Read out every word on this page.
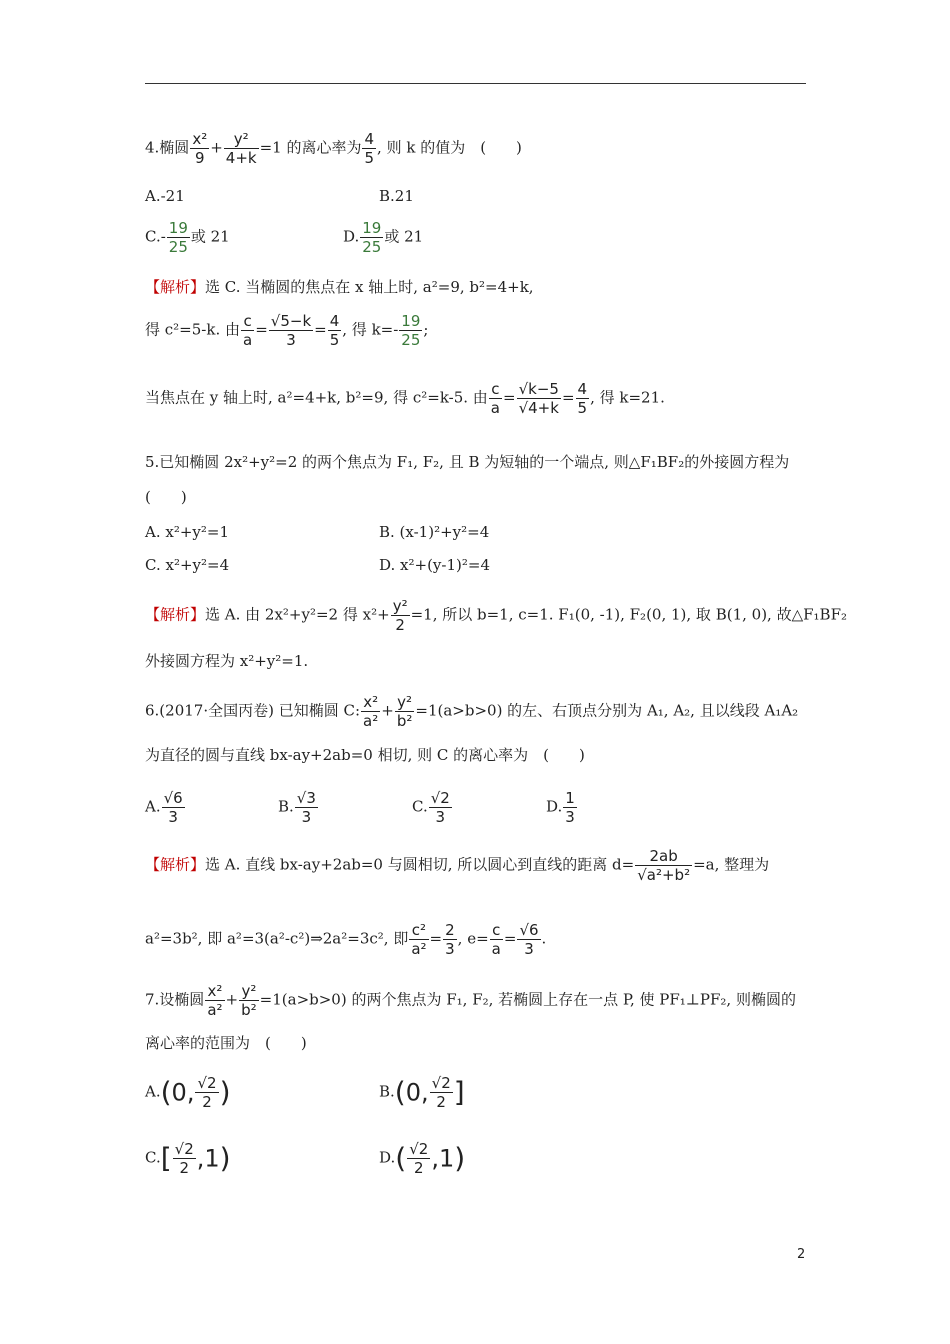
4.椭圆 $\frac{\text{x²}}{9} + \frac{\text{y²}}{4+k} =1$ 的离心率为 $\frac{4}{5}$ , 则 k 的值为　(　　)
A.-21	B.21
$C.- \frac{19}{25}$ 或 21	D. $\frac{19}{25}$ 或 21
【解析】选 C. 当椭圆的焦点在 x 轴上时, a²=9, b²=4+k,
得 c²=5-k. 由 $\frac{c}{a} = \frac{√5-k}{3} = \frac{4}{5}$ , 得 $k=- \frac{19}{25}$ ;
当焦点在 y 轴上时, a²=4+k, b²=9, 得 c²=k-5. 由 $\frac{c}{a} = \frac{√k-5}{√4+k} = \frac{4}{5}$ , 得 k=21.
5.已知椭圆 2x²+y²=2 的两个焦点为 F₁, F₂, 且 B 为短轴的一个端点, 则△F₁BF₂的外接圆方程为
(　　)
A. x²+y²=1	B. (x-1)²+y²=4
C. x²+y²=4	D. x²+(y-1)²=4
【解析】选 A. 由 2x²+y²=2 得 $x^2+ \frac{\text{y²}}{2} =1$, 所以 b=1, c=1. F₁(0, -1), F₂(0, 1), 取 B(1, 0), 故△F₁BF₂
外接圆方程为 x²+y²=1.
6.(2017·全国丙卷) 已知椭圆 C: $\frac{\text{x²}}{\text{a²}} + \frac{\text{y²}}{\text{b²}} =1(a>b>0)$ 的左、右顶点分别为 A₁, A₂, 且以线段 A₁A₂
为直径的圆与直线 bx-ay+2ab=0 相切, 则 C 的离心率为　(　　)
A. $\frac{√6}{3}$	B. $\frac{√3}{3}$	C. $\frac{√2}{3}$	D. $\frac{1}{3}$
【解析】选 A. 直线 bx-ay+2ab=0 与圆相切, 所以圆心到直线的距离 $d= \frac{2ab}{\text{√a²+b²}} =a$, 整理为
a²=3b², 即 a²=3(a²-c²)⇒2a²=3c², 即 $\frac{\text{c²}}{\text{a²}} = \frac{2}{3}$ , $e= \frac{c}{a} = \frac{√6}{3}$ .
7.设椭圆 $\frac{\text{x²}}{\text{a²}} + \frac{\text{y²}}{\text{b²}} =1(a>b>0)$ 的两个焦点为 F₁, F₂, 若椭圆上存在一点 P, 使 PF₁⊥PF₂, 则椭圆的
离心率的范围为　(　　)
A.(0, $\frac{√2}{2}$ )	B.(0, $\frac{√2}{2}$ ]
$C.[ \frac{√2}{2} ,1)$	$D.( \frac{√2}{2} ,1)$
2
